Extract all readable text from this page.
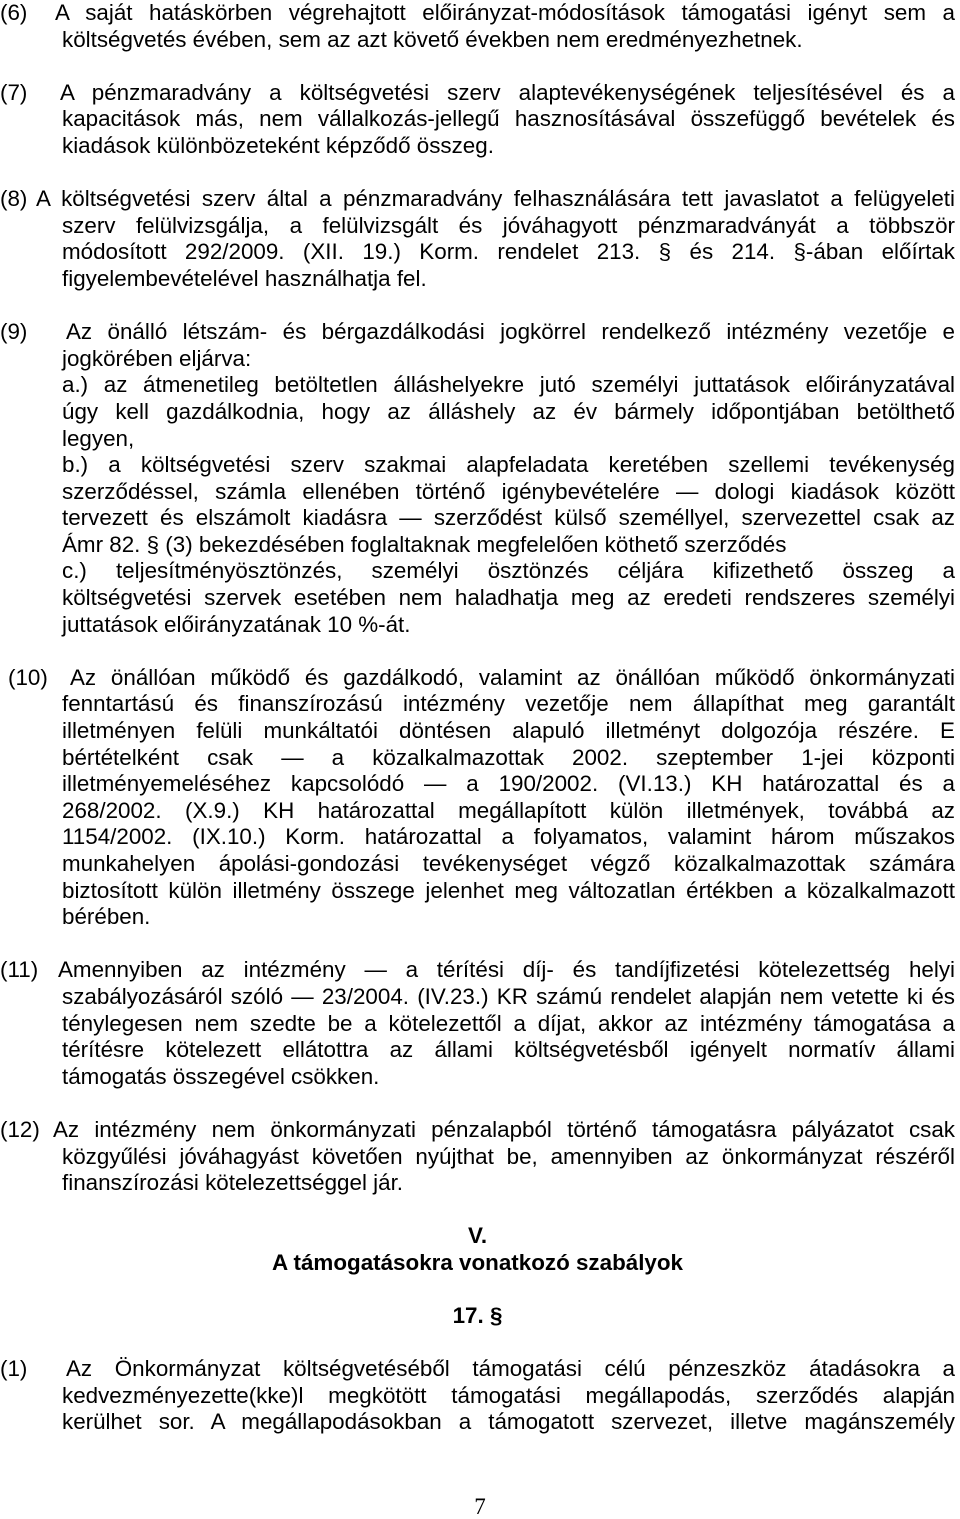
(6) A saját hatáskörben végrehajtott előirányzat-módosítások támogatási igényt sem a
költségvetés évében, sem az azt követő években nem eredményezhetnek.
(7) A pénzmaradvány a költségvetési szerv alaptevékenységének teljesítésével és a
kapacitások más, nem vállalkozás-jellegű hasznosításával összefüggő bevételek és
kiadások különbözeteként képződő összeg.
(8) A költségvetési szerv által a pénzmaradvány felhasználására tett javaslatot a felügyeleti
szerv felülvizsgálja, a felülvizsgált és jóváhagyott pénzmaradványát a többször
módosított 292/2009. (XII. 19.) Korm. rendelet 213. § és 214. §-ában előírtak
figyelembevételével használhatja fel.
(9) Az önálló létszám- és bérgazdálkodási jogkörrel rendelkező intézmény vezetője e
jogkörében eljárva:
a.) az átmenetileg betöltetlen álláshelyekre jutó személyi juttatások előirányzatával
úgy kell gazdálkodnia, hogy az álláshely az év bármely időpontjában betölthető
legyen,
b.) a költségvetési szerv szakmai alapfeladata keretében szellemi tevékenység
szerződéssel, számla ellenében történő igénybevételére — dologi kiadások között
tervezett és elszámolt kiadásra — szerződést külső személlyel, szervezettel csak az
Ámr 82. § (3) bekezdésében foglaltaknak megfelelően köthető szerződés
c.) teljesítményösztönzés, személyi ösztönzés céljára kifizethető összeg a
költségvetési szervek esetében nem haladhatja meg az eredeti rendszeres személyi
juttatások előirányzatának 10 %-át.
(10) Az önállóan működő és gazdálkodó, valamint az önállóan működő önkormányzati
fenntartású és finanszírozású intézmény vezetője nem állapíthat meg garantált
illetményen felüli munkáltatói döntésen alapuló illetményt dolgozója részére. E
bértételként csak — a közalkalmazottak 2002. szeptember 1-jei központi
illetményemeléséhez kapcsolódó — a 190/2002. (VI.13.) KH határozattal és a
268/2002. (X.9.) KH határozattal megállapított külön illetmények, továbbá az
1154/2002. (IX.10.) Korm. határozattal a folyamatos, valamint három műszakos
munkahelyen ápolási-gondozási tevékenységet végző közalkalmazottak számára
biztosított külön illetmény összege jelenhet meg változatlan értékben a közalkalmazott
bérében.
(11) Amennyiben az intézmény — a térítési díj- és tandíjfizetési kötelezettség helyi
szabályozásáról szóló — 23/2004. (IV.23.) KR számú rendelet alapján nem vetette ki és
ténylegesen nem szedte be a kötelezettől a díjat, akkor az intézmény támogatása a
térítésre kötelezett ellátottra az állami költségvetésből igényelt normatív állami
támogatás összegével csökken.
(12) Az intézmény nem önkormányzati pénzalapból történő támogatásra pályázatot csak
közgyűlési jóváhagyást követően nyújthat be, amennyiben az önkormányzat részéről
finanszírozási kötelezettséggel jár.
V.
A támogatásokra vonatkozó szabályok
17. §
(1) Az Önkormányzat költségvetéséből támogatási célú pénzeszköz átadásokra a
kedvezményezette(kke)l megkötött támogatási megállapodás, szerződés alapján
kerülhet sor. A megállapodásokban a támogatott szervezet, illetve magánszemély
7
